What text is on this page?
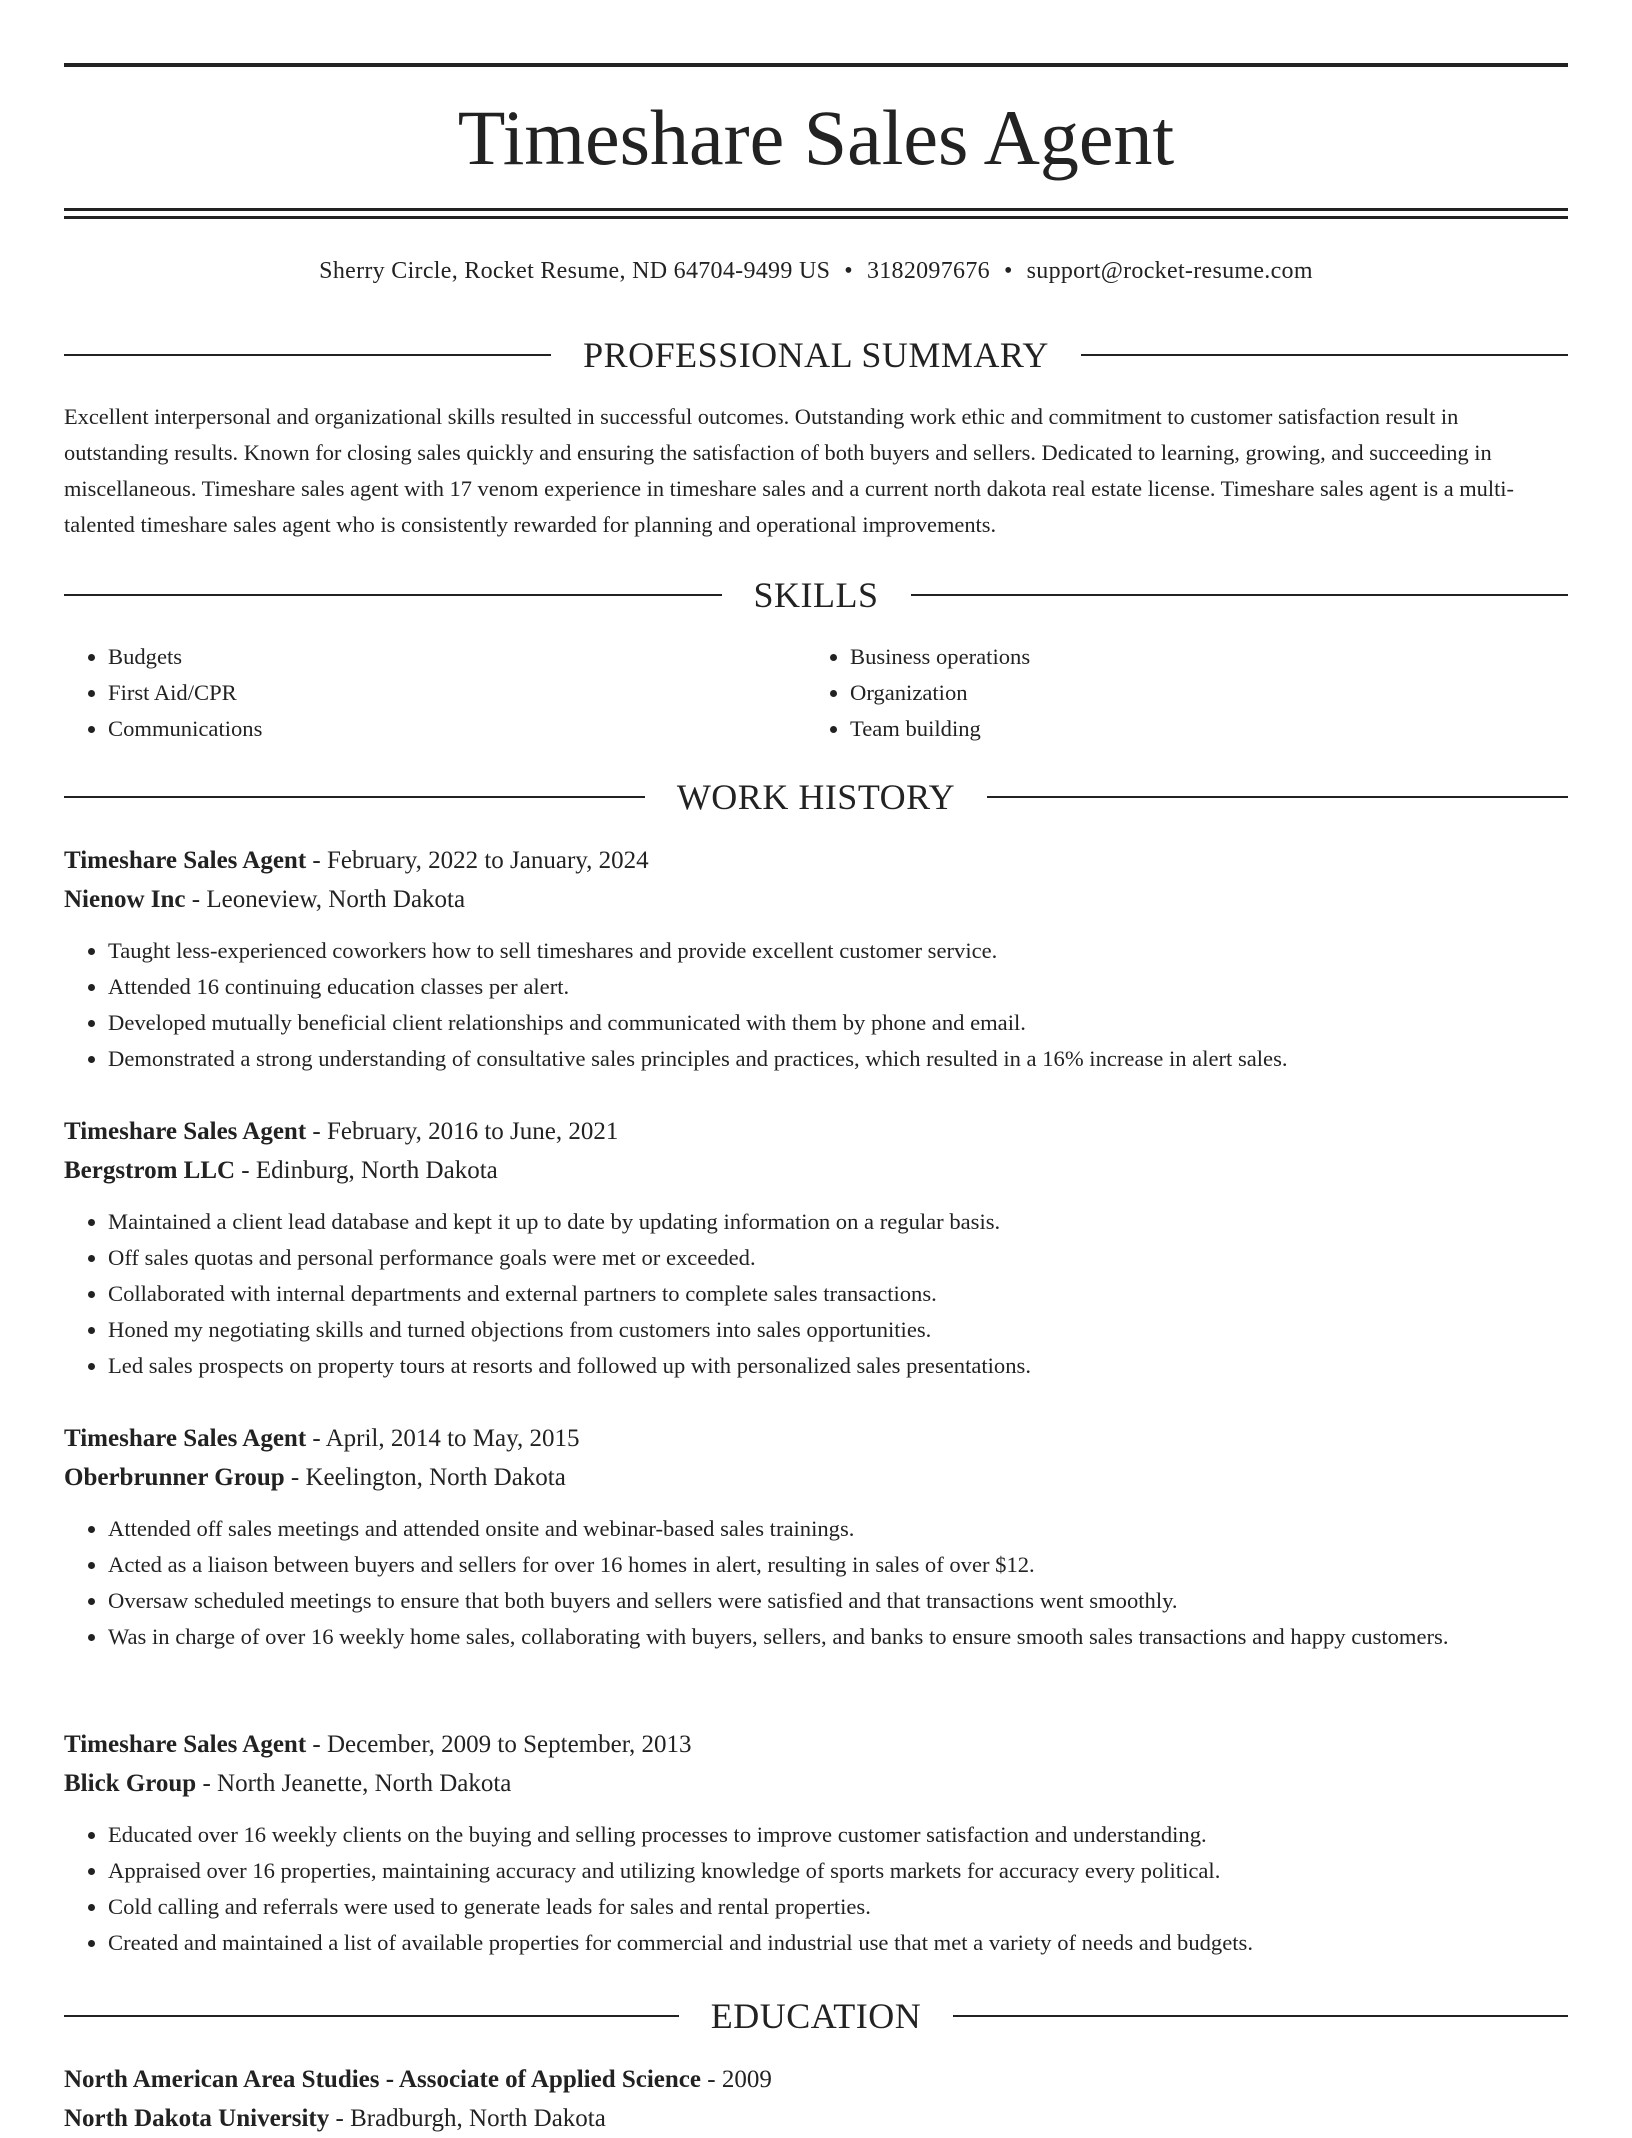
Timeshare Sales Agent
Sherry Circle, Rocket Resume, ND 64704-9499 US • 3182097676 • support@rocket-resume.com
PROFESSIONAL SUMMARY

Excellent interpersonal and organizational skills resulted in successful outcomes. Outstanding work ethic and commitment to customer satisfaction result in outstanding results. Known for closing sales quickly and ensuring the satisfaction of both buyers and sellers. Dedicated to learning, growing, and succeeding in miscellaneous. Timeshare sales agent with 17 venom experience in timeshare sales and a current north dakota real estate license. Timeshare sales agent is a multi-talented timeshare sales agent who is consistently rewarded for planning and operational improvements.

SKILLS
• Budgets
• First Aid/CPR
• Communications
• Business operations
• Organization
• Team building
WORK HISTORY
Timeshare Sales Agent - February, 2022 to January, 2024
Nienow Inc - Leoneview, North Dakota
• Taught less-experienced coworkers how to sell timeshares and provide excellent customer service.
• Attended 16 continuing education classes per alert.
• Developed mutually beneficial client relationships and communicated with them by phone and email.
• Demonstrated a strong understanding of consultative sales principles and practices, which resulted in a 16% increase in alert sales.
Timeshare Sales Agent - February, 2016 to June, 2021
Bergstrom LLC - Edinburg, North Dakota
• Maintained a client lead database and kept it up to date by updating information on a regular basis.
• Off sales quotas and personal performance goals were met or exceeded.
• Collaborated with internal departments and external partners to complete sales transactions.
• Honed my negotiating skills and turned objections from customers into sales opportunities.
• Led sales prospects on property tours at resorts and followed up with personalized sales presentations.
Timeshare Sales Agent - April, 2014 to May, 2015
Oberbrunner Group - Keelington, North Dakota
• Attended off sales meetings and attended onsite and webinar-based sales trainings.
• Acted as a liaison between buyers and sellers for over 16 homes in alert, resulting in sales of over $12.
• Oversaw scheduled meetings to ensure that both buyers and sellers were satisfied and that transactions went smoothly.
• Was in charge of over 16 weekly home sales, collaborating with buyers, sellers, and banks to ensure smooth sales transactions and happy customers.
Timeshare Sales Agent - December, 2009 to September, 2013
Blick Group - North Jeanette, North Dakota
• Educated over 16 weekly clients on the buying and selling processes to improve customer satisfaction and understanding.
• Appraised over 16 properties, maintaining accuracy and utilizing knowledge of sports markets for accuracy every political.
• Cold calling and referrals were used to generate leads for sales and rental properties.
• Created and maintained a list of available properties for commercial and industrial use that met a variety of needs and budgets.
EDUCATION
North American Area Studies - Associate of Applied Science - 2009
North Dakota University - Bradburgh, North Dakota
